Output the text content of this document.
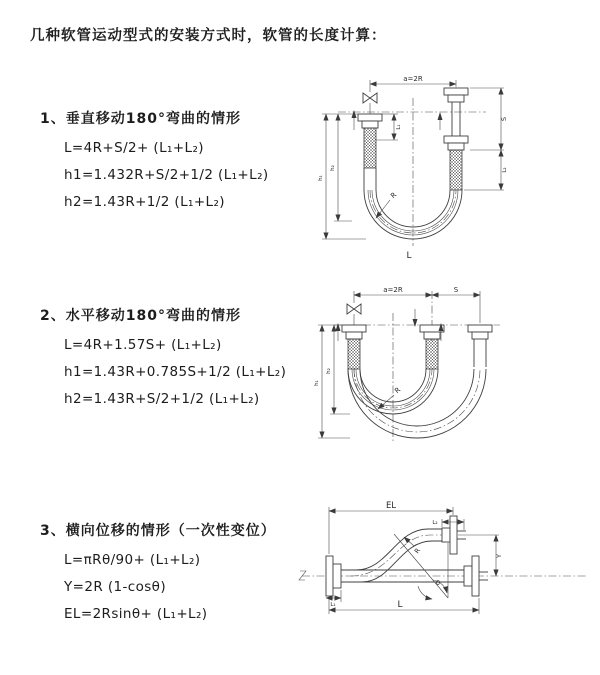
几种软管运动型式的安装方式时，软管的长度计算：
1、垂直移动180°弯曲的情形
L=4R+S/2+ (L₁+L₂)
h1=1.432R+S/2+1/2 (L₁+L₂)
h2=1.43R+1/2 (L₁+L₂)
2、水平移动180°弯曲的情形
L=4R+1.57S+ (L₁+L₂)
h1=1.43R+0.785S+1/2 (L₁+L₂)
h2=1.43R+S/2+1/2 (L₁+L₂)
3、横向位移的情形（一次性变位）
L=πRθ/90+ (L₁+L₂)
Y=2R (1-cosθ)
EL=2Rsinθ+ (L₁+L₂)
a=2R
L₁
S
L₂
h₁
h₂
R
L
a=2R	S
h₁
h₂
R
EL
L₂
Y
L
L₁
R
θ
